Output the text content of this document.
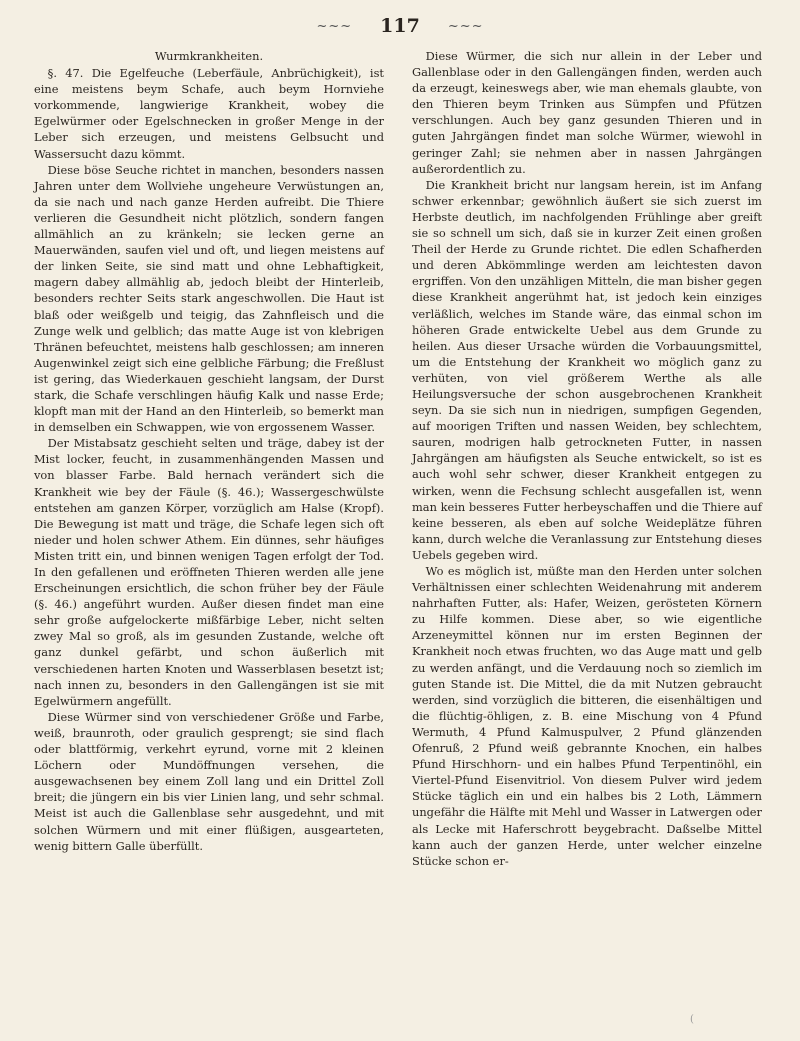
~~~ 117 ~~~

Wurmkrankheiten.

§. 47. Die Egelfeuche (Leberfäule, Anbrüchigkeit), ist eine meistens beym Schafe, auch beym Hornviehe vorkommende, langwierige Krankheit, wobey die Egelwürmer oder Egelschnecken in großer Menge in der Leber sich erzeugen, und meistens Gelbsucht und Wassersucht dazu kömmt.

Diese böse Seuche richtet in manchen, besonders nassen Jahren unter dem Wollviehe ungeheure Verwüstungen an, da sie nach und nach ganze Herden aufreibt. Die Thiere verlieren die Gesundheit nicht plötzlich, sondern fangen allmählich an zu kränkeln; sie lecken gerne an Mauerwänden, saufen viel und oft, und liegen meistens auf der linken Seite, sie sind matt und ohne Lebhaftigkeit, magern dabey allmählig ab, jedoch bleibt der Hinterleib, besonders rechter Seits stark angeschwollen. Die Haut ist blaß oder weißgelb und teigig, das Zahnfleisch und die Zunge welk und gelblich; das matte Auge ist von klebrigen Thränen befeuchtet, meistens halb geschlossen; am inneren Augenwinkel zeigt sich eine gelbliche Färbung; die Freßlust ist gering, das Wiederkauen geschieht langsam, der Durst stark, die Schafe verschlingen häufig Kalk und nasse Erde; klopft man mit der Hand an den Hinterleib, so bemerkt man in demselben ein Schwappen, wie von ergossenem Wasser.

Der Mistabsatz geschieht selten und träge, dabey ist der Mist locker, feucht, in zusammenhängenden Massen und von blasser Farbe. Bald hernach verändert sich die Krankheit wie bey der Fäule (§. 46.); Wassergeschwülste entstehen am ganzen Körper, vorzüglich am Halse (Kropf). Die Bewegung ist matt und träge, die Schafe legen sich oft nieder und holen schwer Athem. Ein dünnes, sehr häufiges Misten tritt ein, und binnen wenigen Tagen erfolgt der Tod. In den gefallenen und eröffneten Thieren werden alle jene Erscheinungen ersichtlich, die schon früher bey der Fäule (§. 46.) angeführt wurden. Außer diesen findet man eine sehr große aufgelockerte mißfärbige Leber, nicht selten zwey Mal so groß, als im gesunden Zustande, welche oft ganz dunkel gefärbt, und schon äußerlich mit verschiedenen harten Knoten und Wasserblasen besetzt ist; nach innen zu, besonders in den Gallengängen ist sie mit Egelwürmern angefüllt.

Diese Würmer sind von verschiedener Größe und Farbe, weiß, braunroth, oder graulich gesprengt; sie sind flach oder blattförmig, verkehrt eyrund, vorne mit 2 kleinen Löchern oder Mundöffnungen versehen, die ausgewachsenen bey einem Zoll lang und ein Drittel Zoll breit; die jüngern ein bis vier Linien lang, und sehr schmal. Meist ist auch die Gallenblase sehr ausgedehnt, und mit solchen Würmern und mit einer flüßigen, ausgearteten, wenig bittern Galle überfüllt.

Diese Würmer, die sich nur allein in der Leber und Gallenblase oder in den Gallengängen finden, werden auch da erzeugt, keineswegs aber, wie man ehemals glaubte, von den Thieren beym Trinken aus Sümpfen und Pfützen verschlungen. Auch bey ganz gesunden Thieren und in guten Jahrgängen findet man solche Würmer, wiewohl in geringer Zahl; sie nehmen aber in nassen Jahrgängen außerordentlich zu.

Die Krankheit bricht nur langsam herein, ist im Anfang schwer erkennbar; gewöhnlich äußert sie sich zuerst im Herbste deutlich, im nachfolgenden Frühlinge aber greift sie so schnell um sich, daß sie in kurzer Zeit einen großen Theil der Herde zu Grunde richtet. Die edlen Schafherden und deren Abkömmlinge werden am leichtesten davon ergriffen. Von den unzähligen Mitteln, die man bisher gegen diese Krankheit angerühmt hat, ist jedoch kein einziges verläßlich, welches im Stande wäre, das einmal schon im höheren Grade entwickelte Uebel aus dem Grunde zu heilen. Aus dieser Ursache würden die Vorbauungsmittel, um die Entstehung der Krankheit wo möglich ganz zu verhüten, von viel größerem Werthe als alle Heilungsversuche der schon ausgebrochenen Krankheit seyn. Da sie sich nun in niedrigen, sumpfigen Gegenden, auf moorigen Triften und nassen Weiden, bey schlechtem, sauren, modrigen halb getrockneten Futter, in nassen Jahrgängen am häufigsten als Seuche entwickelt, so ist es auch wohl sehr schwer, dieser Krankheit entgegen zu wirken, wenn die Fechsung schlecht ausgefallen ist, wenn man kein besseres Futter herbeyschaffen und die Thiere auf keine besseren, als eben auf solche Weideplätze führen kann, durch welche die Veranlassung zur Entstehung dieses Uebels gegeben wird.

Wo es möglich ist, müßte man den Herden unter solchen Verhältnissen einer schlechten Weidenahrung mit anderem nahrhaften Futter, als: Hafer, Weizen, gerösteten Körnern zu Hilfe kommen. Diese aber, so wie eigentliche Arzeneymittel können nur im ersten Beginnen der Krankheit noch etwas fruchten, wo das Auge matt und gelb zu werden anfängt, und die Verdauung noch so ziemlich im guten Stande ist. Die Mittel, die da mit Nutzen gebraucht werden, sind vorzüglich die bitteren, die eisenhältigen und die flüchtig-öhligen, z. B. eine Mischung von 4 Pfund Wermuth, 4 Pfund Kalmuspulver, 2 Pfund glänzenden Ofenruß, 2 Pfund weiß gebrannte Knochen, ein halbes Pfund Hirschhorn- und ein halbes Pfund Terpentinöhl, ein Viertel-Pfund Eisenvitriol. Von diesem Pulver wird jedem Stücke täglich ein und ein halbes bis 2 Loth, Lämmern ungefähr die Hälfte mit Mehl und Wasser in Latwergen oder als Lecke mit Haferschrott beygebracht. Daßselbe Mittel kann auch der ganzen Herde, unter welcher einzelne Stücke schon er-

(
